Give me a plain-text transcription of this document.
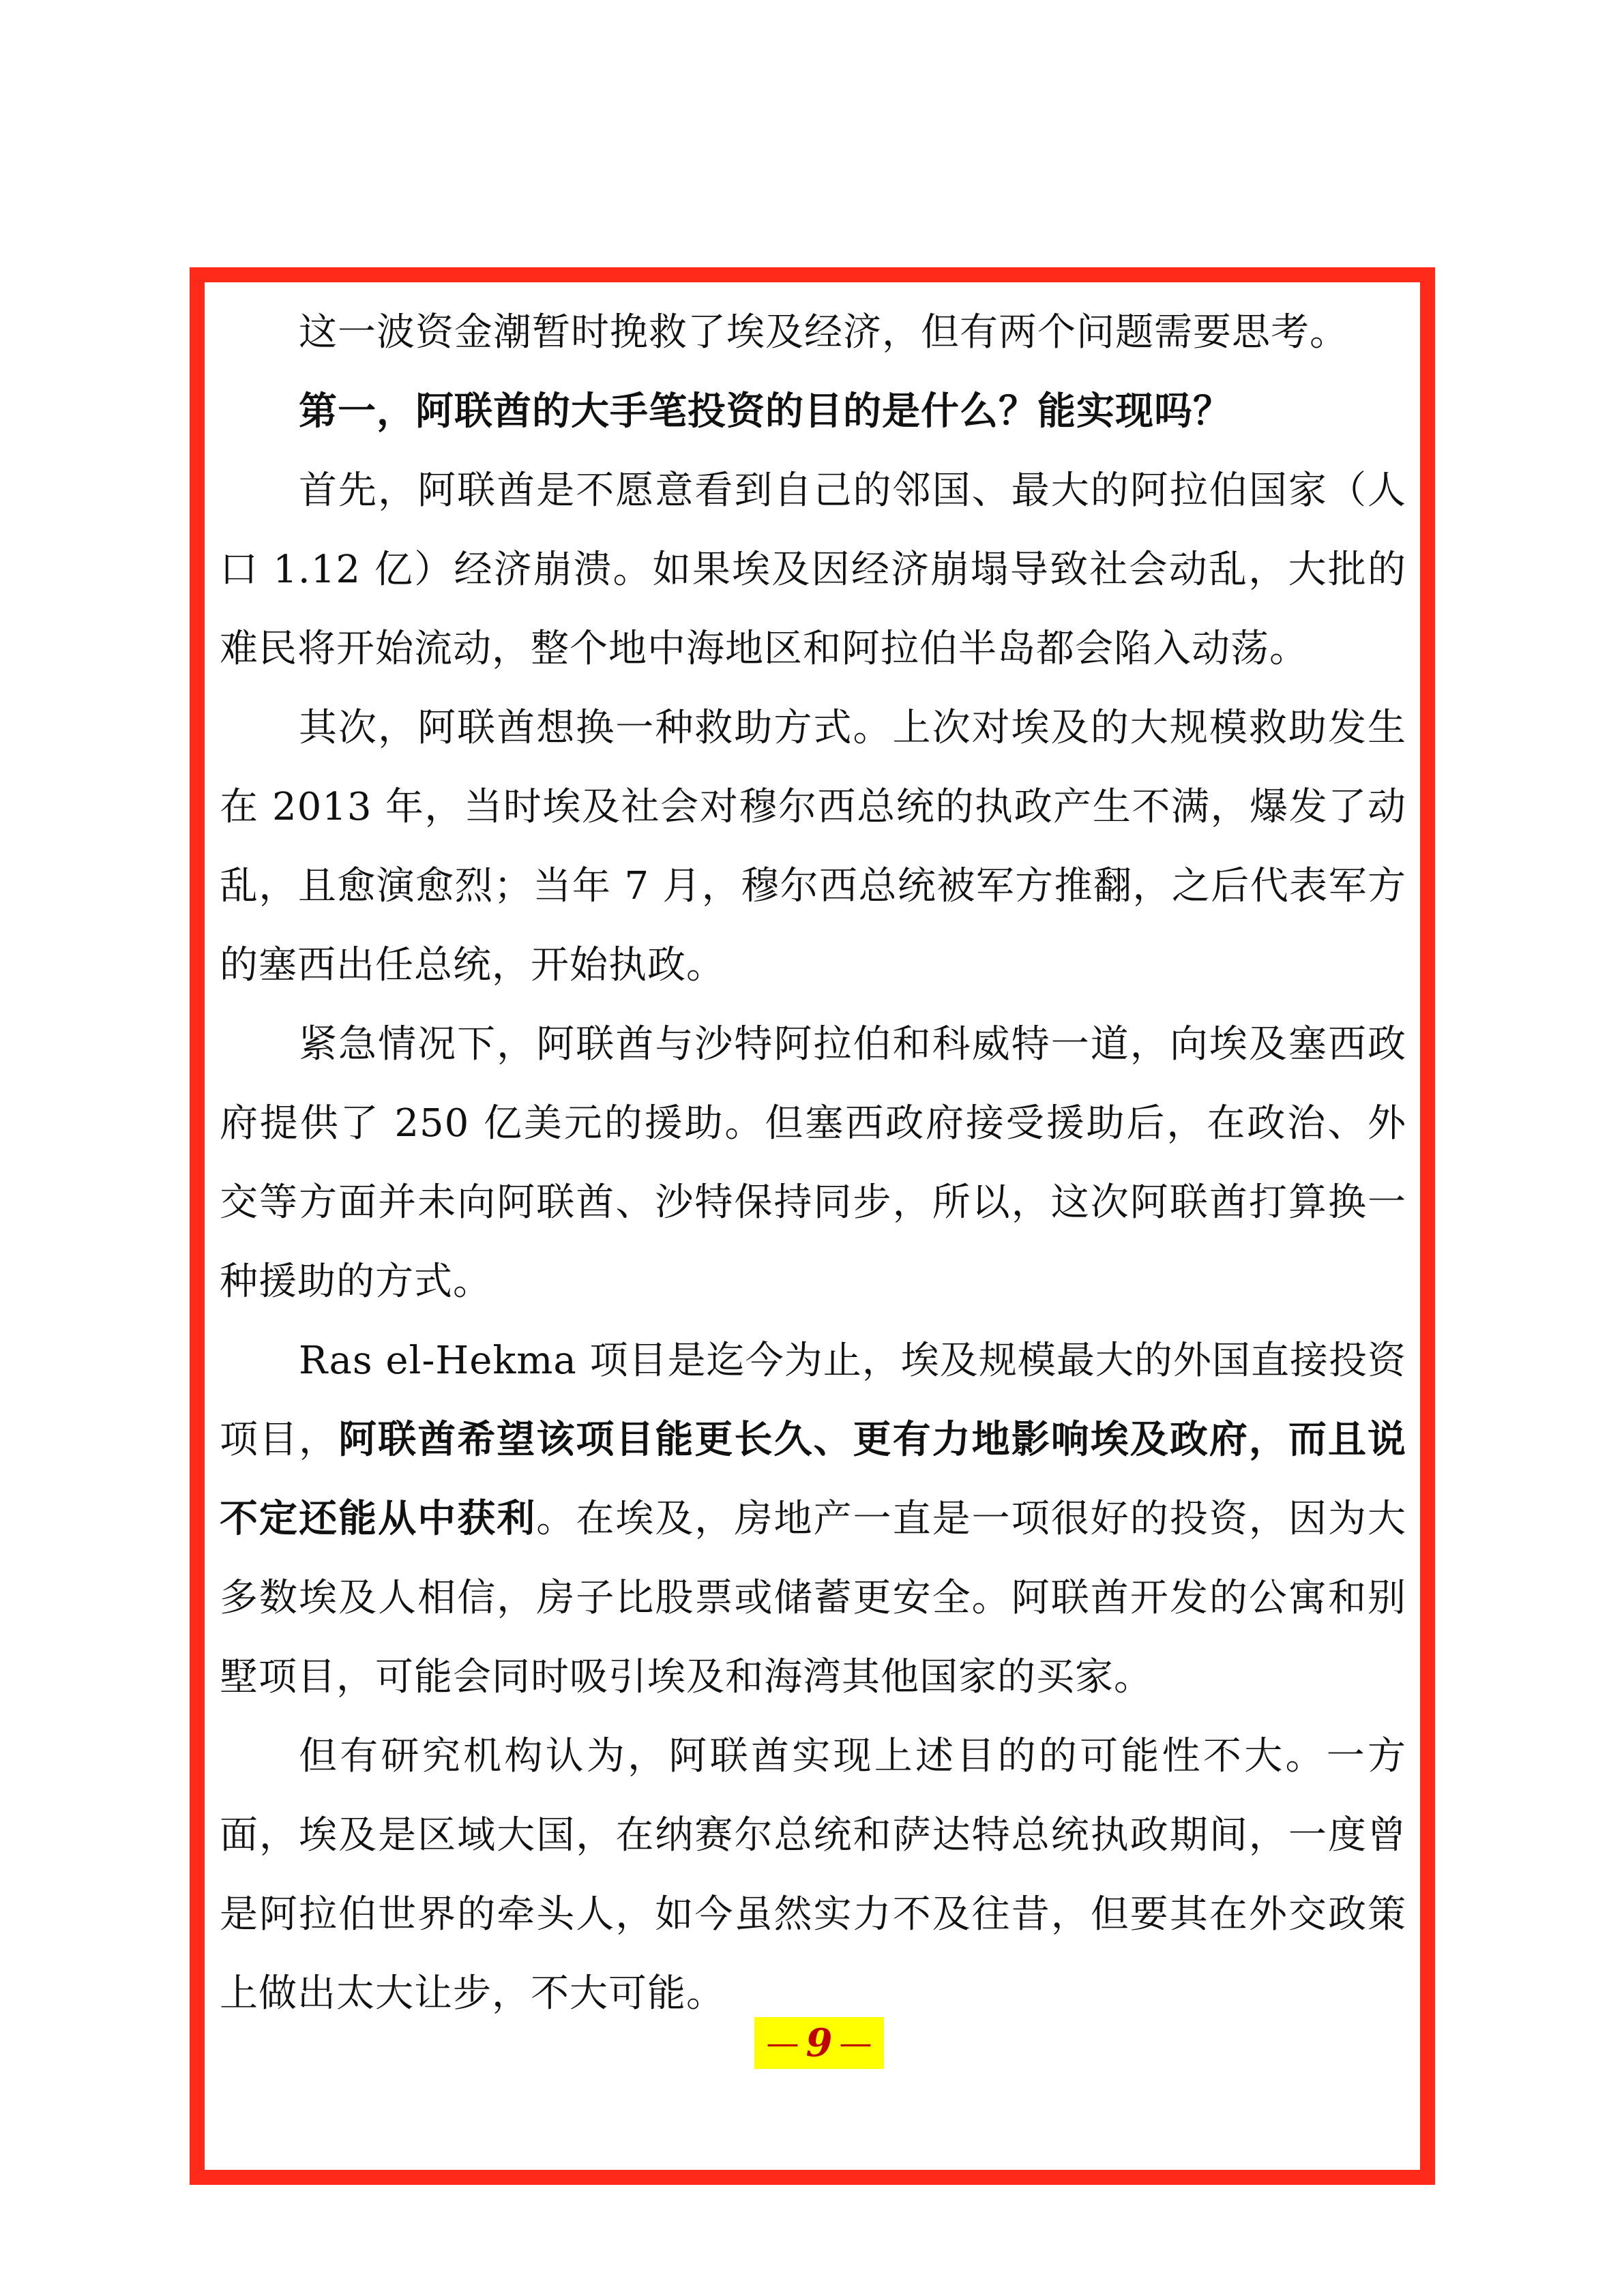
这一波资金潮暂时挽救了埃及经济，但有两个问题需要思考。

第一，阿联酋的大手笔投资的目的是什么？能实现吗？

首先，阿联酋是不愿意看到自己的邻国、最大的阿拉伯国家（人口 1.12 亿）经济崩溃。如果埃及因经济崩塌导致社会动乱，大批的难民将开始流动，整个地中海地区和阿拉伯半岛都会陷入动荡。

其次，阿联酋想换一种救助方式。上次对埃及的大规模救助发生在 2013 年，当时埃及社会对穆尔西总统的执政产生不满，爆发了动乱，且愈演愈烈；当年 7 月，穆尔西总统被军方推翻，之后代表军方的塞西出任总统，开始执政。

紧急情况下，阿联酋与沙特阿拉伯和科威特一道，向埃及塞西政府提供了 250 亿美元的援助。但塞西政府接受援助后，在政治、外交等方面并未向阿联酋、沙特保持同步，所以，这次阿联酋打算换一种援助的方式。

Ras el-Hekma 项目是迄今为止，埃及规模最大的外国直接投资项目，阿联酋希望该项目能更长久、更有力地影响埃及政府，而且说不定还能从中获利。在埃及，房地产一直是一项很好的投资，因为大多数埃及人相信，房子比股票或储蓄更安全。阿联酋开发的公寓和别墅项目，可能会同时吸引埃及和海湾其他国家的买家。

但有研究机构认为，阿联酋实现上述目的的可能性不大。一方面，埃及是区域大国，在纳赛尔总统和萨达特总统执政期间，一度曾是阿拉伯世界的牵头人，如今虽然实力不及往昔，但要其在外交政策上做出太大让步，不大可能。

— 9 —
